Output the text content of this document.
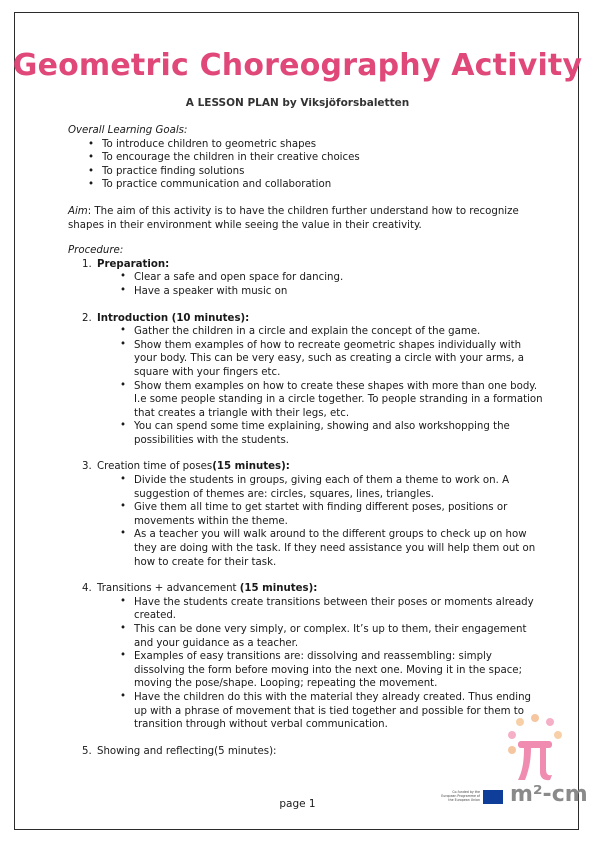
Geometric Choreography Activity
A LESSON PLAN by Viksjöforsbaletten

Overall Learning Goals:

• To introduce children to geometric shapes
• To encourage the children in their creative choices
• To practice finding solutions
• To practice communication and collaboration

Aim: The aim of this activity is to have the children further understand how to recognize shapes in their environment while seeing the value in their creativity.

Procedure:

1. Preparation:
• Clear a safe and open space for dancing.
• Have a speaker with music on
2. Introduction (10 minutes):
• Gather the children in a circle and explain the concept of the game.
• Show them examples of how to recreate geometric shapes individually with your body. This can be very easy, such as creating a circle with your arms, a square with your fingers etc.
• Show them examples on how to create these shapes with more than one body. I.e some people standing in a circle together. To people stranding in a formation that creates a triangle with their legs, etc.
• You can spend some time explaining, showing and also workshopping the possibilities with the students.
3. Creation time of poses(15 minutes):
• Divide the students in groups, giving each of them a theme to work on. A suggestion of themes are: circles, squares, lines, triangles.
• Give them all time to get startet with finding different poses, positions or movements within the theme.
• As a teacher you will walk around to the different groups to check up on how they are doing with the task. If they need assistance you will help them out on how to create for their task.
4. Transitions + advancement (15 minutes):
• Have the students create transitions between their poses or moments already created.
• This can be done very simply, or complex. It’s up to them, their engagement and your guidance as a teacher.
• Examples of easy transitions are: dissolving and reassembling: simply dissolving the form before moving into the next one. Moving it in the space; moving the pose/shape. Looping; repeating the movement.
• Have the children do this with the material they already created. Thus ending up with a phrase of movement that is tied together and possible for them to transition through without verbal communication.
5. Showing and reflecting(5 minutes):
Co-funded by the European Programme of the European Union m²-cm
page 1
